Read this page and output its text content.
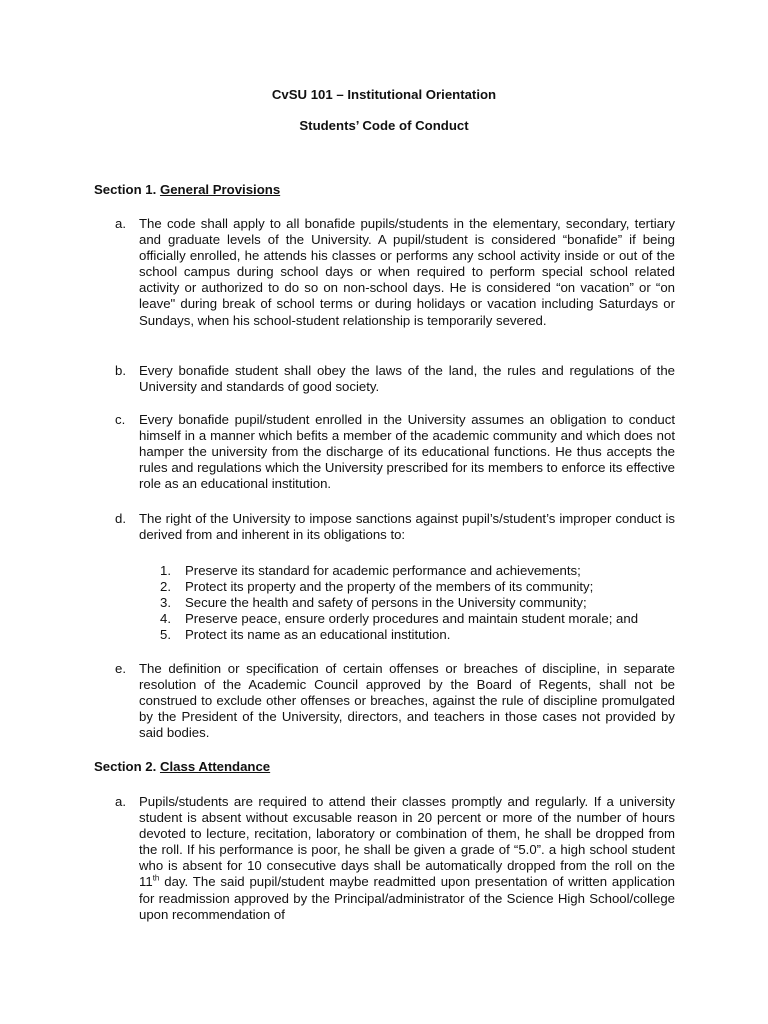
CvSU 101 – Institutional Orientation
Students’ Code of Conduct
Section 1. General Provisions
a. The code shall apply to all bonafide pupils/students in the elementary, secondary, tertiary and graduate levels of the University. A pupil/student is considered “bonafide” if being officially enrolled, he attends his classes or performs any school activity inside or out of the school campus during school days or when required to perform special school related activity or authorized to do so on non-school days. He is considered “on vacation” or “on leave" during break of school terms or during holidays or vacation including Saturdays or Sundays, when his school-student relationship is temporarily severed.
b. Every bonafide student shall obey the laws of the land, the rules and regulations of the University and standards of good society.
c.	Every bonafide pupil/student enrolled in the University assumes an obligation to conduct himself in a manner which befits a member of the academic community and which does not hamper the university from the discharge of its educational functions. He thus accepts the rules and regulations which the University prescribed for its members to enforce its effective role as an educational institution.
d. The right of the University to impose sanctions against pupil’s/student’s improper conduct is derived from and inherent in its obligations to:
1. Preserve its standard for academic performance and achievements;
2. Protect its property and the property of the members of its community;
3. Secure the health and safety of persons in the University community;
4. Preserve peace, ensure orderly procedures and maintain student morale; and
5. Protect its name as an educational institution.
e. The definition or specification of certain offenses or breaches of discipline, in separate resolution of the Academic Council approved by the Board of Regents, shall not be construed to exclude other offenses or breaches, against the rule of discipline promulgated by the President of the University, directors, and teachers in those cases not provided by said bodies.
Section 2. Class Attendance
a. Pupils/students are required to attend their classes promptly and regularly. If a university student is absent without excusable reason in 20 percent or more of the number of hours devoted to lecture, recitation, laboratory or combination of them, he shall be dropped from the roll. If his performance is poor, he shall be given a grade of “5.0”. a high school student who is absent for 10 consecutive days shall be automatically dropped from the roll on the 11th day. The said pupil/student maybe readmitted upon presentation of written application for readmission approved by the Principal/administrator of the Science High School/college upon recommendation of
